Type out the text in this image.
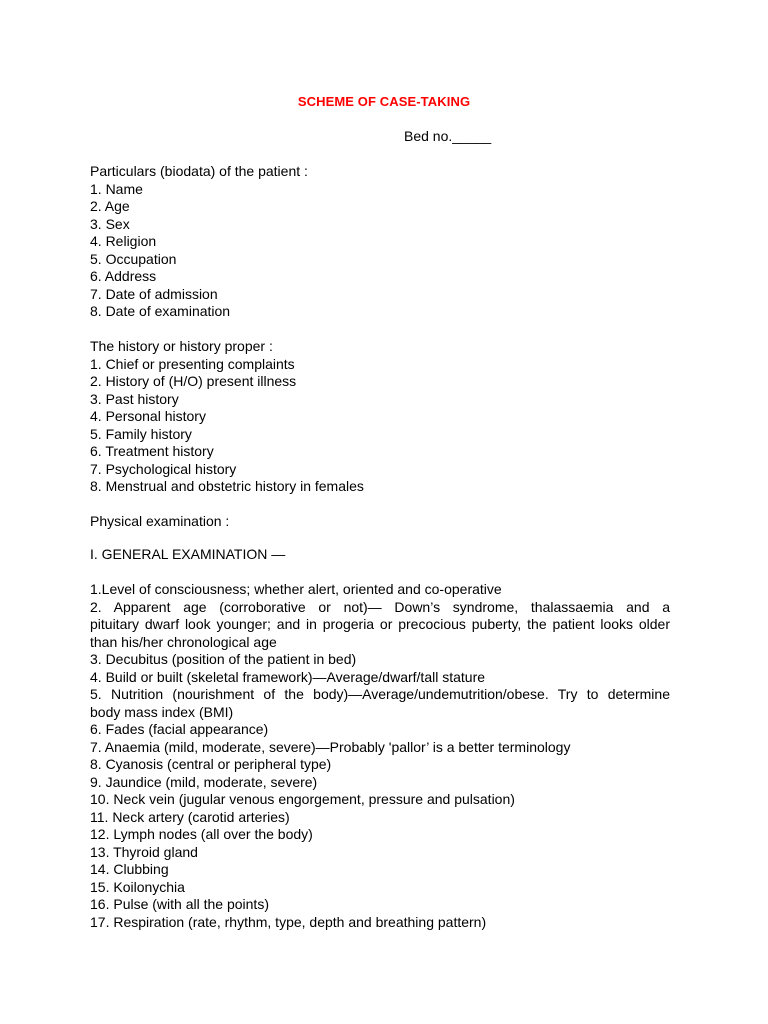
SCHEME OF CASE-TAKING
Bed no._____
Particulars (biodata) of the patient :
1. Name
2. Age
3. Sex
4. Religion
5. Occupation
6. Address
7. Date of admission
8. Date of examination
The history or history proper :
1. Chief or presenting complaints
2. History of (H/O) present illness
3. Past history
4. Personal history
5. Family history
6. Treatment history
7. Psychological history
8. Menstrual and obstetric history in females
Physical examination :
I. GENERAL EXAMINATION —
1.Level of consciousness; whether alert, oriented and co-operative
2. Apparent age (corroborative or not)— Down’s syndrome, thalassaemia and a
pituitary dwarf look younger; and in progeria or precocious puberty, the patient looks older
than his/her chronological age
3. Decubitus (position of the patient in bed)
4. Build or built (skeletal framework)—Average/dwarf/tall stature
5. Nutrition (nourishment of the body)—Average/undemutrition/obese. Try to determine
body mass index (BMI)
6. Fades (facial appearance)
7. Anaemia (mild, moderate, severe)—Probably 'pallor’ is a better terminology
8. Cyanosis (central or peripheral type)
9. Jaundice (mild, moderate, severe)
10. Neck vein (jugular venous engorgement, pressure and pulsation)
11. Neck artery (carotid arteries)
12. Lymph nodes (all over the body)
13. Thyroid gland
14. Clubbing
15. Koilonychia
16. Pulse (with all the points)
17. Respiration (rate, rhythm, type, depth and breathing pattern)
